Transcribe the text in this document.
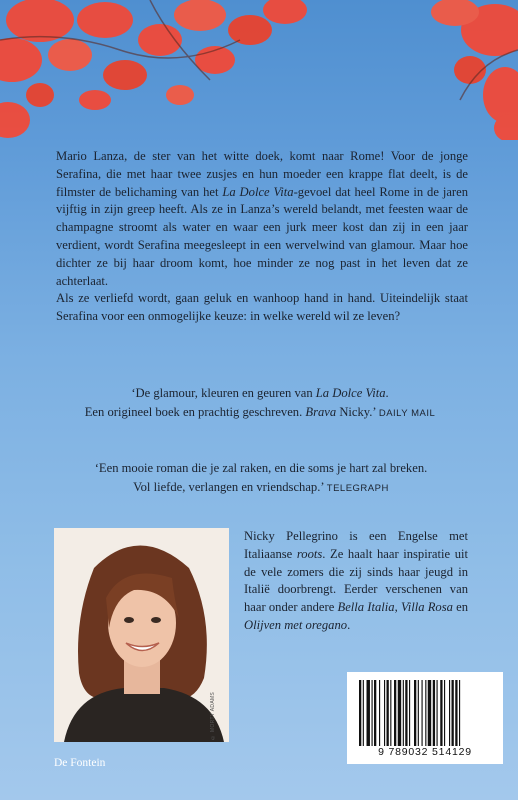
Mario Lanza, de ster van het witte doek, komt naar Rome! Voor de jonge Serafina, die met haar twee zusjes en hun moeder een krappe flat deelt, is de filmster de belichaming van het La Dolce Vita-gevoel dat heel Rome in de jaren vijftig in zijn greep heeft. Als ze in Lanza’s wereld belandt, met feesten waar de champagne stroomt als water en waar een jurk meer kost dan zij in een jaar verdient, wordt Serafina meegesleept in een wervelwind van glamour. Maar hoe dichter ze bij haar droom komt, hoe minder ze nog past in het leven dat ze achterlaat.

Als ze verliefd wordt, gaan geluk en wanhoop hand in hand. Uiteindelijk staat Serafina voor een onmogelijke keuze: in welke wereld wil ze leven?

‘De glamour, kleuren en geuren van La Dolce Vita.
Een origineel boek en prachtig geschreven. Brava Nicky.’ DAILY MAIL
‘Een mooie roman die je zal raken, en die soms je hart zal breken.
Vol liefde, verlangen en vriendschap.’ TELEGRAPH
© MORTY ADAMS

Nicky Pellegrino is een Engelse met Italiaanse roots. Ze haalt haar inspiratie uit de vele zomers die zij sinds haar jeugd in Italië doorbrengt. Eerder verschenen van haar onder andere Bella Italia, Villa Rosa en Olijven met oregano.

De Fontein
9 789032 514129
